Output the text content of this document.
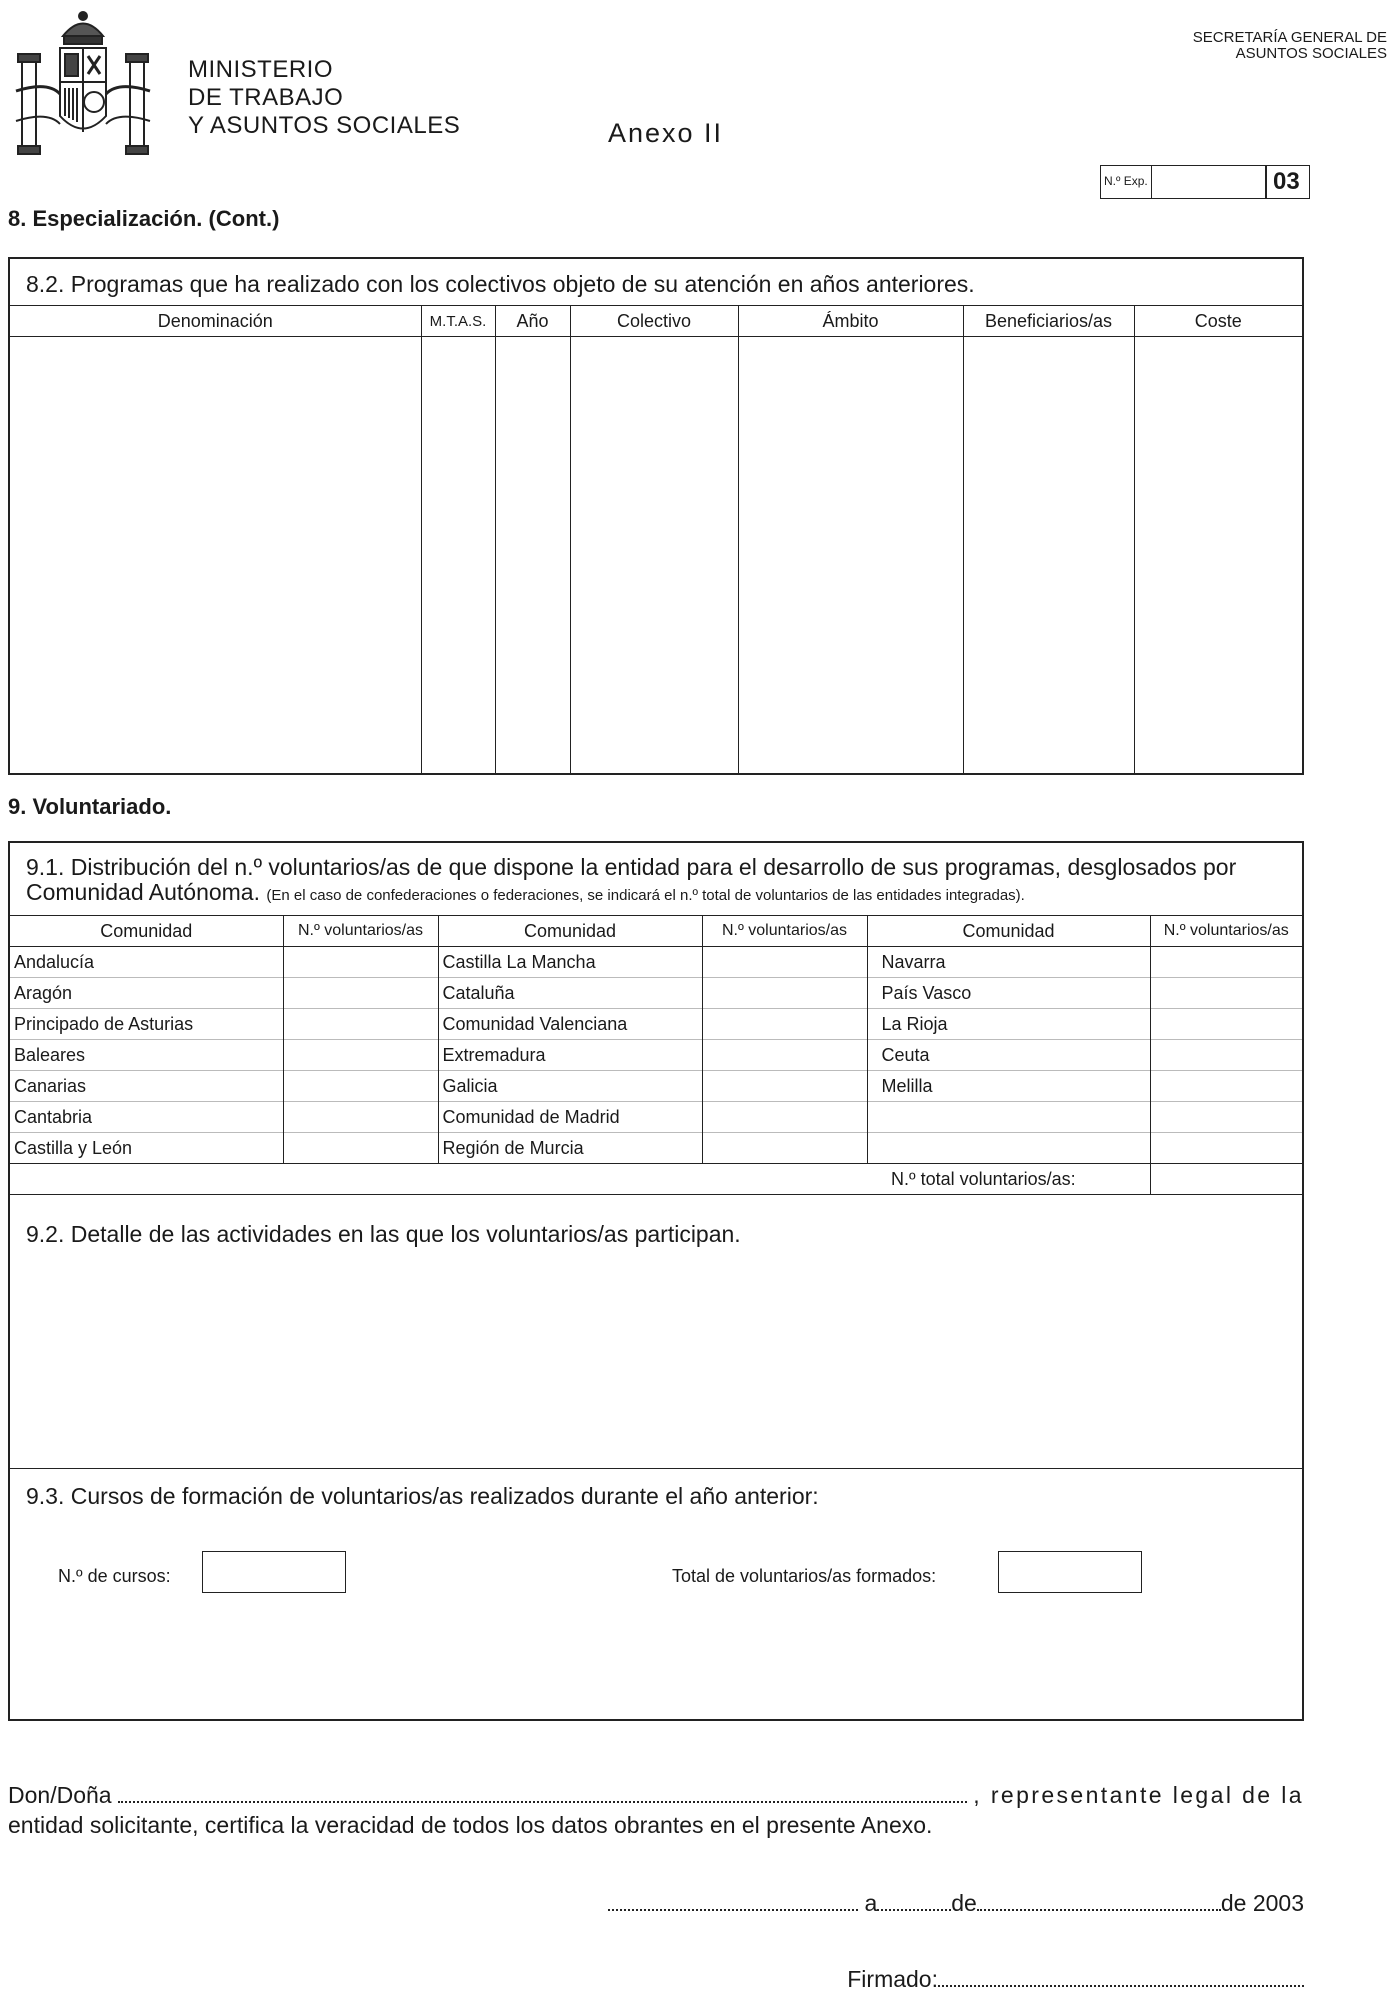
MINISTERIO
DE TRABAJO
Y ASUNTOS SOCIALES	Anexo II
SECRETARÍA GENERAL DE
ASUNTOS SOCIALES
N.º Exp.	03
8. Especialización. (Cont.)
8.2. Programas que ha realizado con los colectivos objeto de su atención en años anteriores.
Denominación	M.T.A.S.	Año	Colectivo	Ámbito	Beneficiarios/as	Coste

9. Voluntariado.
9.1. Distribución del n.º voluntarios/as de que dispone la entidad para el desarrollo de sus programas, desglosados por Comunidad Autónoma. (En el caso de confederaciones o federaciones, se indicará el n.º total de voluntarios de las entidades integradas).
Comunidad	N.º voluntarios/as	Comunidad	N.º voluntarios/as	Comunidad	N.º voluntarios/as
Andalucía		Castilla La Mancha		Navarra	
Aragón		Cataluña		País Vasco	
Principado de Asturias		Comunidad Valenciana		La Rioja	
Baleares		Extremadura		Ceuta	
Canarias		Galicia		Melilla	
Cantabria		Comunidad de Madrid			
Castilla y León		Región de Murcia			
				N.º total voluntarios/as:	
9.2. Detalle de las actividades en las que los voluntarios/as participan.
9.3. Cursos de formación de voluntarios/as realizados durante el año anterior:
N.º de cursos:	Total de voluntarios/as formados:
Don/Doña	, representante legal de la
entidad solicitante, certifica la veracidad de todos los datos obrantes en el presente Anexo.
a	de	de 2003
Firmado:
